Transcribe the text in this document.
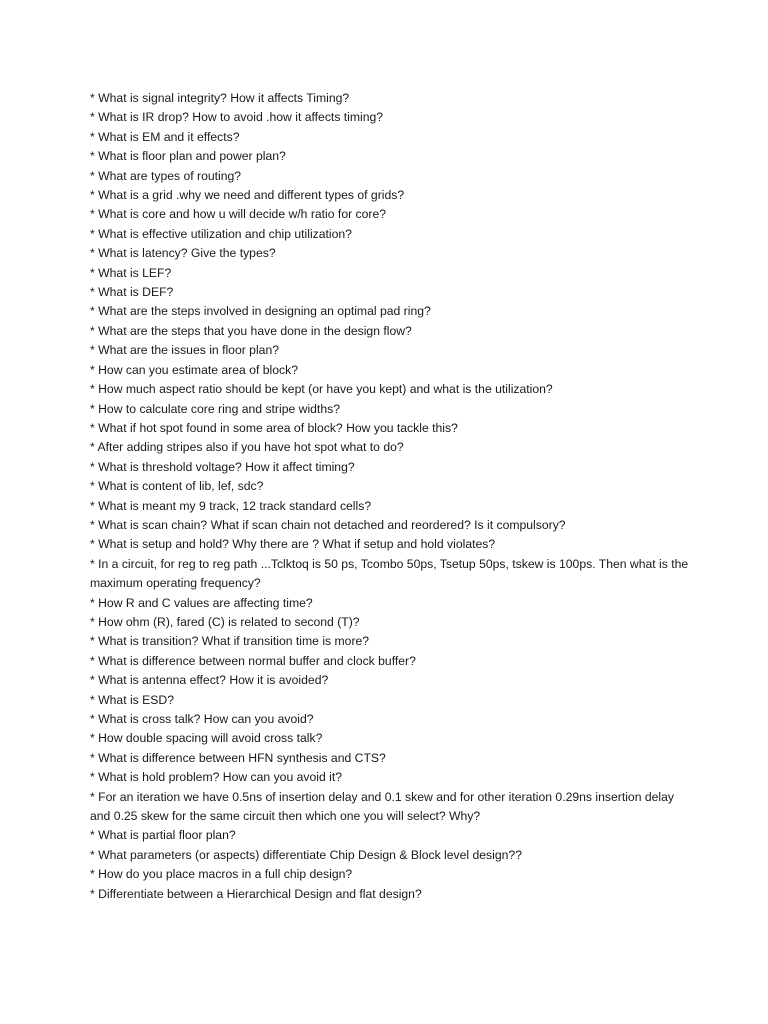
* What is signal integrity? How it affects Timing?
* What is IR drop? How to avoid .how it affects timing?
* What is EM and it effects?
* What is floor plan and power plan?
* What are types of routing?
* What is a grid .why we need and different types of grids?
* What is core and how u will decide w/h ratio for core?
* What is effective utilization and chip utilization?
* What is latency? Give the types?
* What is LEF?
* What is DEF?
* What are the steps involved in designing an optimal pad ring?
* What are the steps that you have done in the design flow?
* What are the issues in floor plan?
* How can you estimate area of block?
* How much aspect ratio should be kept (or have you kept) and what is the utilization?
* How to calculate core ring and stripe widths?
* What if hot spot found in some area of block? How you tackle this?
* After adding stripes also if you have hot spot what to do?
* What is threshold voltage? How it affect timing?
* What is content of lib, lef, sdc?
* What is meant my 9 track, 12 track standard cells?
* What is scan chain? What if scan chain not detached and reordered? Is it compulsory?
* What is setup and hold? Why there are ? What if setup and hold violates?
* In a circuit, for reg to reg path ...Tclktoq is 50 ps, Tcombo 50ps, Tsetup 50ps, tskew is 100ps. Then what is the maximum operating frequency?
* How R and C values are affecting time?
* How ohm (R), fared (C) is related to second (T)?
* What is transition? What if transition time is more?
* What is difference between normal buffer and clock buffer?
* What is antenna effect? How it is avoided?
* What is ESD?
* What is cross talk? How can you avoid?
* How double spacing will avoid cross talk?
* What is difference between HFN synthesis and CTS?
* What is hold problem? How can you avoid it?
* For an iteration we have 0.5ns of insertion delay and 0.1 skew and for other iteration 0.29ns insertion delay and 0.25 skew for the same circuit then which one you will select? Why?
* What is partial floor plan?
* What parameters (or aspects) differentiate Chip Design & Block level design??
* How do you place macros in a full chip design?
* Differentiate between a Hierarchical Design and flat design?
